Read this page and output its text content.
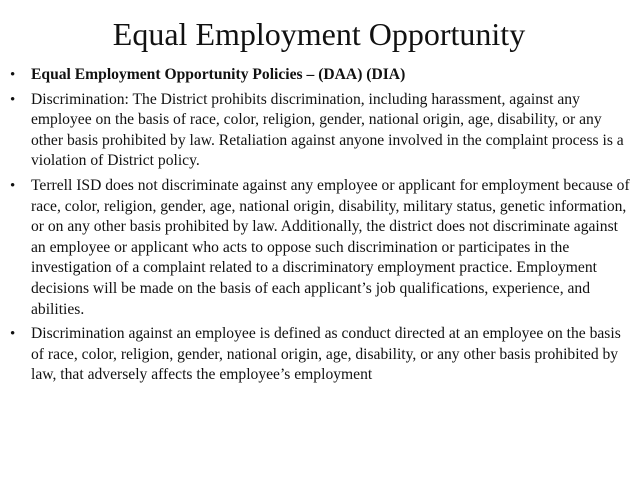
Equal Employment Opportunity
•	Equal Employment Opportunity Policies – (DAA) (DIA)
•	Discrimination: The District prohibits discrimination, including harassment, against any employee on the basis of race, color, religion, gender, national origin, age, disability, or any other basis prohibited by law. Retaliation against anyone involved in the complaint process is a violation of District policy.
•	Terrell ISD does not discriminate against any employee or applicant for employment because of race, color, religion, gender, age, national origin, disability, military status, genetic information, or on any other basis prohibited by law. Additionally, the district does not discriminate against an employee or applicant who acts to oppose such discrimination or participates in the investigation of a complaint related to a discriminatory employment practice. Employment decisions will be made on the basis of each applicant’s job qualifications, experience, and abilities.
•	Discrimination against an employee is defined as conduct directed at an employee on the basis of race, color, religion, gender, national origin, age, disability, or any other basis prohibited by law, that adversely affects the employee’s employment
